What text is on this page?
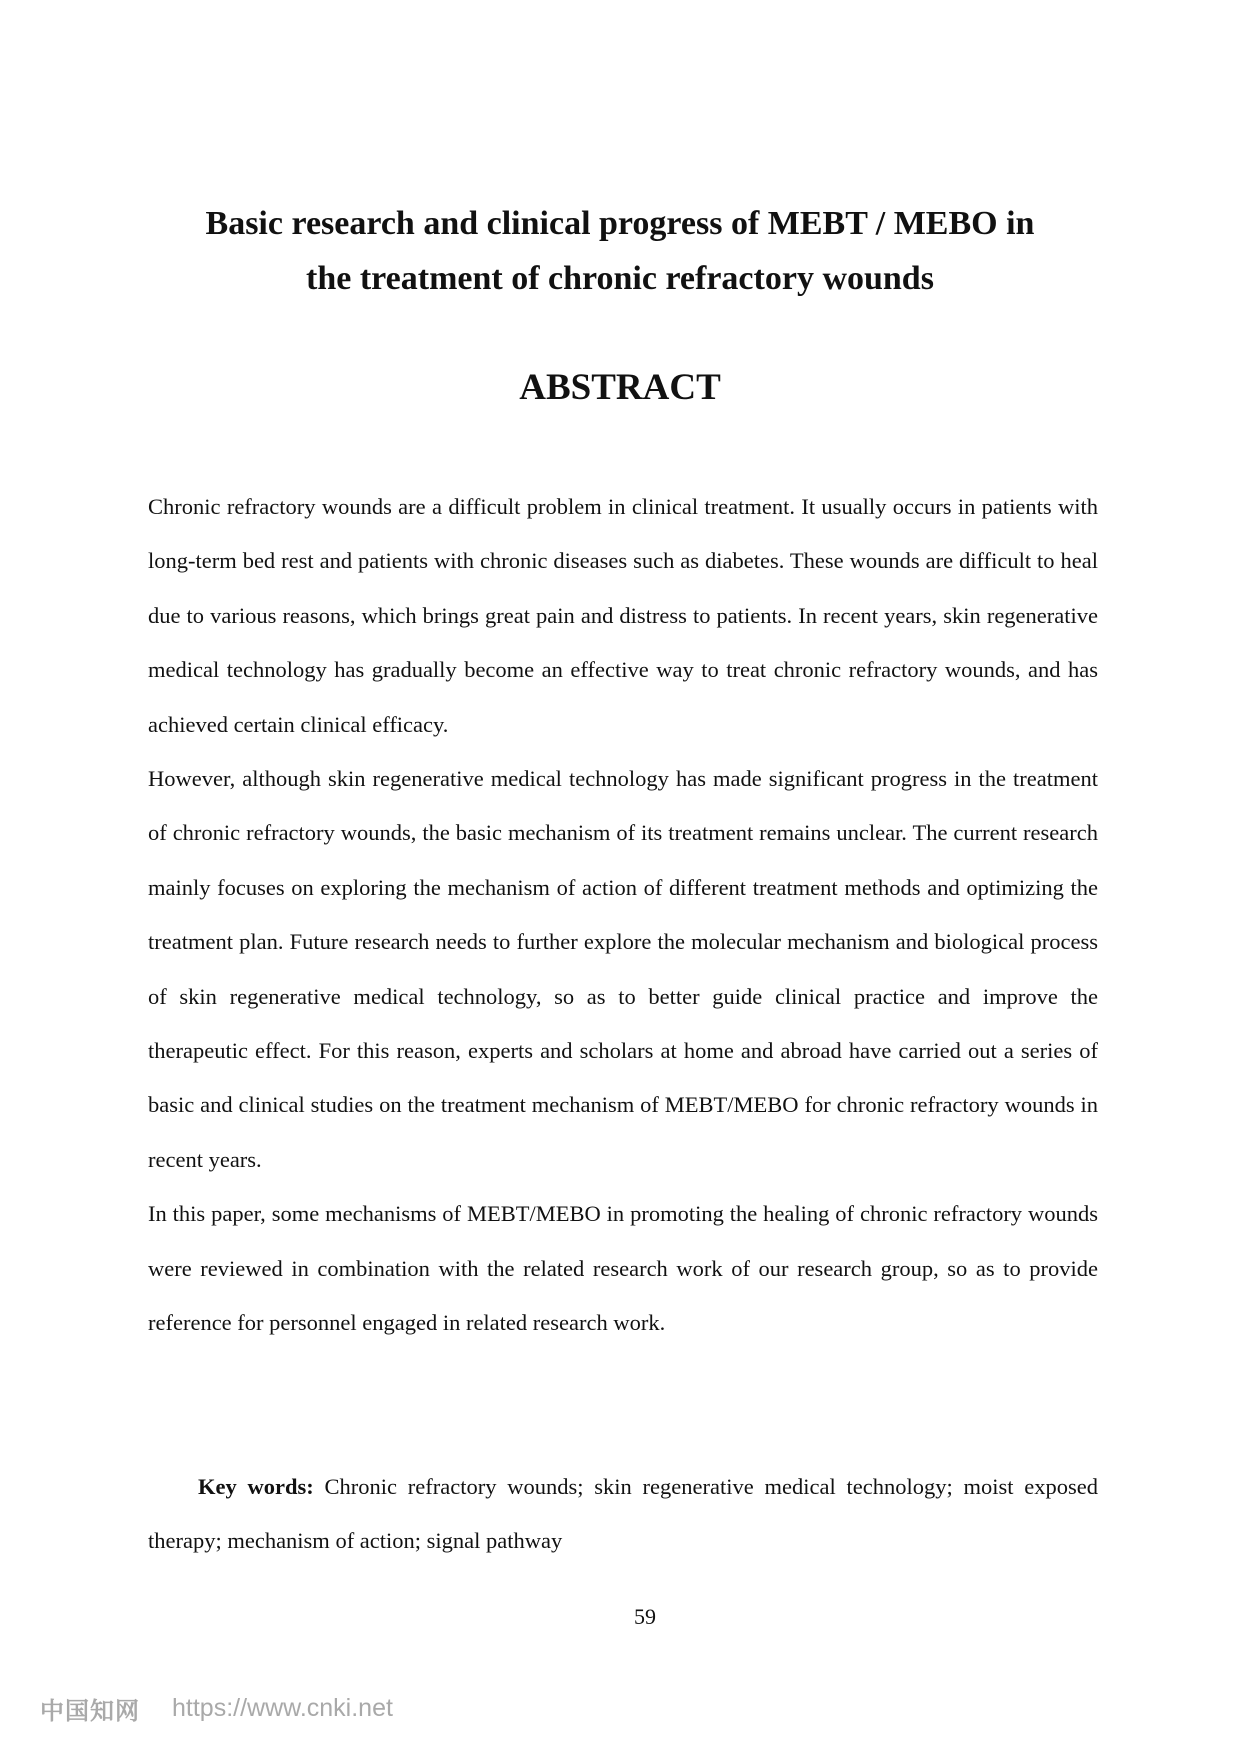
Basic research and clinical progress of MEBT / MEBO in
the treatment of chronic refractory wounds
ABSTRACT

Chronic refractory wounds are a difficult problem in clinical treatment. It usually occurs in patients with long-term bed rest and patients with chronic diseases such as diabetes. These wounds are difficult to heal due to various reasons, which brings great pain and distress to patients. In recent years, skin regenerative medical technology has gradually become an effective way to treat chronic refractory wounds, and has achieved certain clinical efficacy.

However, although skin regenerative medical technology has made significant progress in the treatment of chronic refractory wounds, the basic mechanism of its treatment remains unclear. The current research mainly focuses on exploring the mechanism of action of different treatment methods and optimizing the treatment plan. Future research needs to further explore the molecular mechanism and biological process of skin regenerative medical technology, so as to better guide clinical practice and improve the therapeutic effect. For this reason, experts and scholars at home and abroad have carried out a series of basic and clinical studies on the treatment mechanism of MEBT/MEBO for chronic refractory wounds in recent years.

In this paper, some mechanisms of MEBT/MEBO in promoting the healing of chronic refractory wounds were reviewed in combination with the related research work of our research group, so as to provide reference for personnel engaged in related research work.

Key words: Chronic refractory wounds; skin regenerative medical technology; moist exposed therapy; mechanism of action; signal pathway

59
中国知网 https://www.cnki.net
